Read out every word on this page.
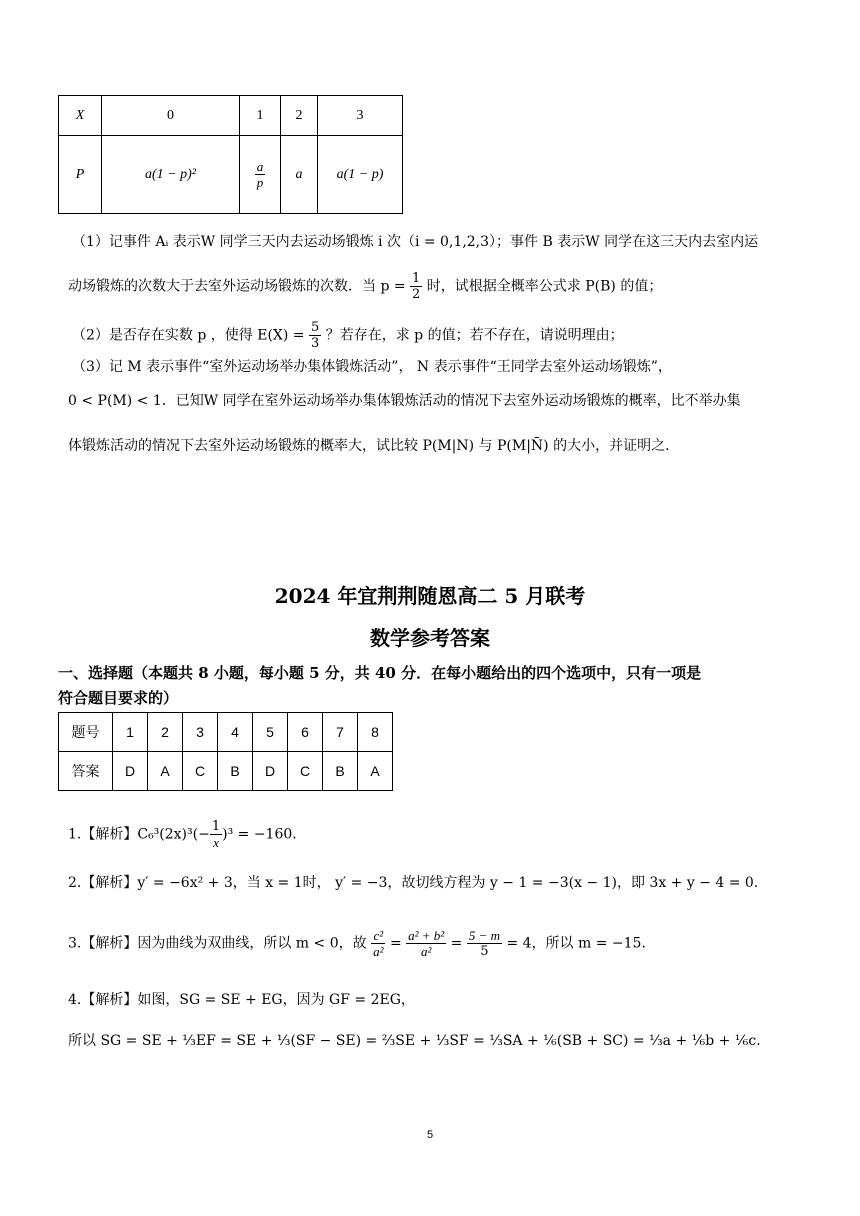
X	0	1	2	3
P	a(1 − p)²	$\frac{a}{p}$	a	a(1 − p)
（1）记事件 Aᵢ 表示W 同学三天内去运动场锻炼 i 次（i = 0,1,2,3）；事件 B 表示W 同学在这三天内去室内运
动场锻炼的次数大于去室外运动场锻炼的次数．当 $p = \frac{1}{2}$ 时，试根据全概率公式求 P(B) 的值；
（2）是否存在实数 p ，使得 $E(X) = \frac{5}{3}$ ？若存在，求 p 的值；若不存在，请说明理由；
（3）记 M 表示事件“室外运动场举办集体锻炼活动”， N 表示事件“王同学去室外运动场锻炼”，
0 < P(M) < 1．已知W 同学在室外运动场举办集体锻炼活动的情况下去室外运动场锻炼的概率，比不举办集
体锻炼活动的情况下去室外运动场锻炼的概率大，试比较 P(M|N) 与 P(M|N̄) 的大小，并证明之．
2024 年宜荆荆随恩高二 5 月联考
数学参考答案
一、选择题（本题共 8 小题，每小题 5 分，共 40 分．在每小题给出的四个选项中，只有一项是
符合题目要求的）
题号	1	2	3	4	5	6	7	8
答案	D	A	C	B	D	C	B	A
1.【解析】$C_6^3(2x)^3(- \frac{1}{x} )^3 = -160$．
2.【解析】y′ = −6x² + 3，当 x = 1时， y′ = −3，故切线方程为 y − 1 = −3(x − 1)，即 3x + y − 4 = 0．
3.【解析】因为曲线为双曲线，所以 m < 0，故 $\frac{\text{c²}}{\text{a²}} = \frac{\text{a² + b²}}{\text{a²}} = \frac{5 - m}{5} = 4$，所以 m = −15．
4.【解析】如图，SG = SE + EG，因为 GF = 2EG，
所以 SG = SE + ⅓EF = SE + ⅓(SF − SE) = ⅔SE + ⅓SF = ⅓SA + ⅙(SB + SC) = ⅓a + ⅙b + ⅙c．
5
